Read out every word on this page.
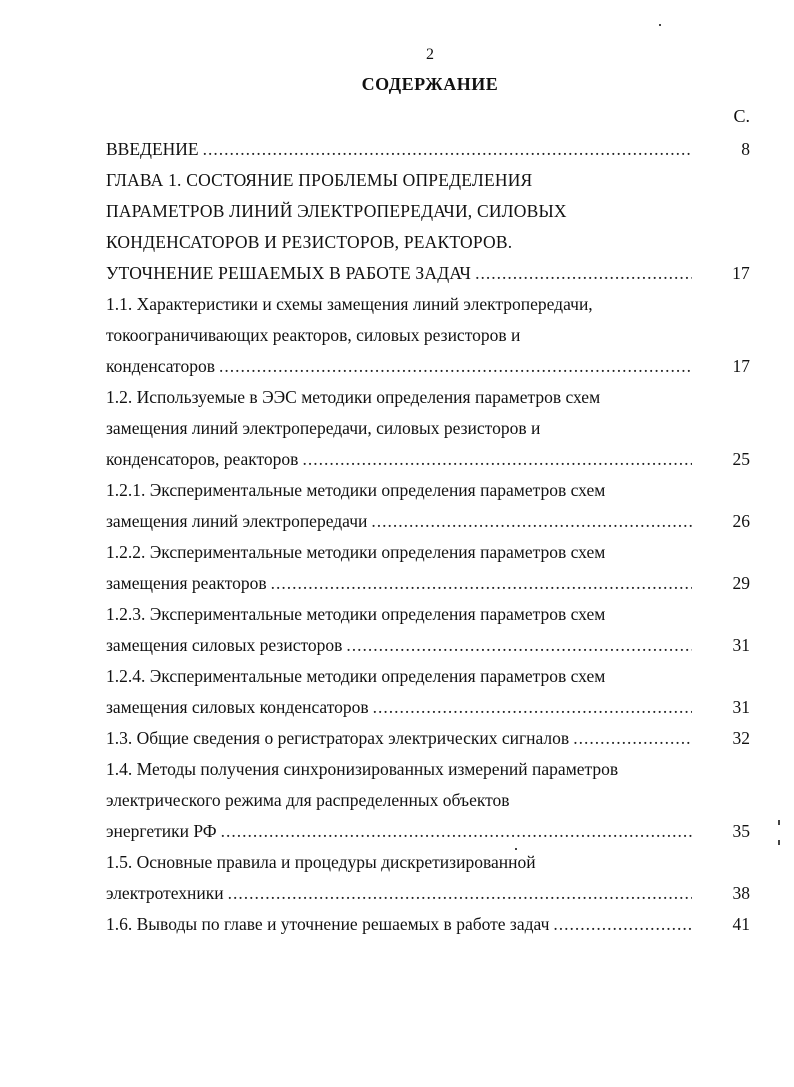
2
СОДЕРЖАНИЕ
С.
ВВЕДЕНИЕ .....	8
ГЛАВА 1. СОСТОЯНИЕ ПРОБЛЕМЫ ОПРЕДЕЛЕНИЯ
ПАРАМЕТРОВ ЛИНИЙ ЭЛЕКТРОПЕРЕДАЧИ, СИЛОВЫХ
КОНДЕНСАТОРОВ И РЕЗИСТОРОВ, РЕАКТОРОВ.
УТОЧНЕНИЕ РЕШАЕМЫХ В РАБОТЕ ЗАДАЧ .....	17
1.1. Характеристики и схемы замещения линий электропередачи,
токоограничивающих реакторов, силовых резисторов и
конденсаторов .....	17
1.2. Используемые в ЭЭС методики определения параметров схем
замещения линий электропередачи, силовых резисторов и
конденсаторов, реакторов .....	25
1.2.1. Экспериментальные методики определения параметров схем
замещения линий электропередачи .....	26
1.2.2. Экспериментальные методики определения параметров схем
замещения реакторов .....	29
1.2.3. Экспериментальные методики определения параметров схем
замещения силовых резисторов .....	31
1.2.4. Экспериментальные методики определения параметров схем
замещения силовых конденсаторов .....	31
1.3. Общие сведения о регистраторах электрических сигналов .....	32
1.4. Методы получения синхронизированных измерений параметров
электрического режима для распределенных объектов
энергетики РФ .....	35
1.5. Основные правила и процедуры дискретизированной
электротехники .....	38
1.6. Выводы по главе и уточнение решаемых в работе задач .....	41
